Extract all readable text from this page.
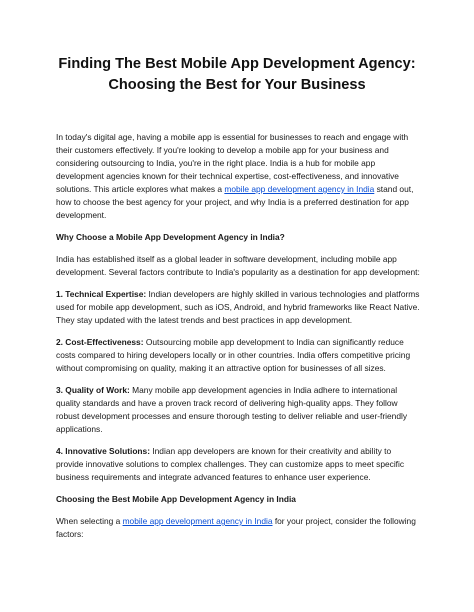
Finding The Best Mobile App Development Agency: Choosing the Best for Your Business

In today's digital age, having a mobile app is essential for businesses to reach and engage with their customers effectively. If you're looking to develop a mobile app for your business and considering outsourcing to India, you're in the right place. India is a hub for mobile app development agencies known for their technical expertise, cost-effectiveness, and innovative solutions. This article explores what makes a mobile app development agency in India stand out, how to choose the best agency for your project, and why India is a preferred destination for app development.

Why Choose a Mobile App Development Agency in India?

India has established itself as a global leader in software development, including mobile app development. Several factors contribute to India's popularity as a destination for app development:

1. Technical Expertise: Indian developers are highly skilled in various technologies and platforms used for mobile app development, such as iOS, Android, and hybrid frameworks like React Native. They stay updated with the latest trends and best practices in app development.

2. Cost-Effectiveness: Outsourcing mobile app development to India can significantly reduce costs compared to hiring developers locally or in other countries. India offers competitive pricing without compromising on quality, making it an attractive option for businesses of all sizes.

3. Quality of Work: Many mobile app development agencies in India adhere to international quality standards and have a proven track record of delivering high-quality apps. They follow robust development processes and ensure thorough testing to deliver reliable and user-friendly applications.

4. Innovative Solutions: Indian app developers are known for their creativity and ability to provide innovative solutions to complex challenges. They can customize apps to meet specific business requirements and integrate advanced features to enhance user experience.

Choosing the Best Mobile App Development Agency in India

When selecting a mobile app development agency in India for your project, consider the following factors:
